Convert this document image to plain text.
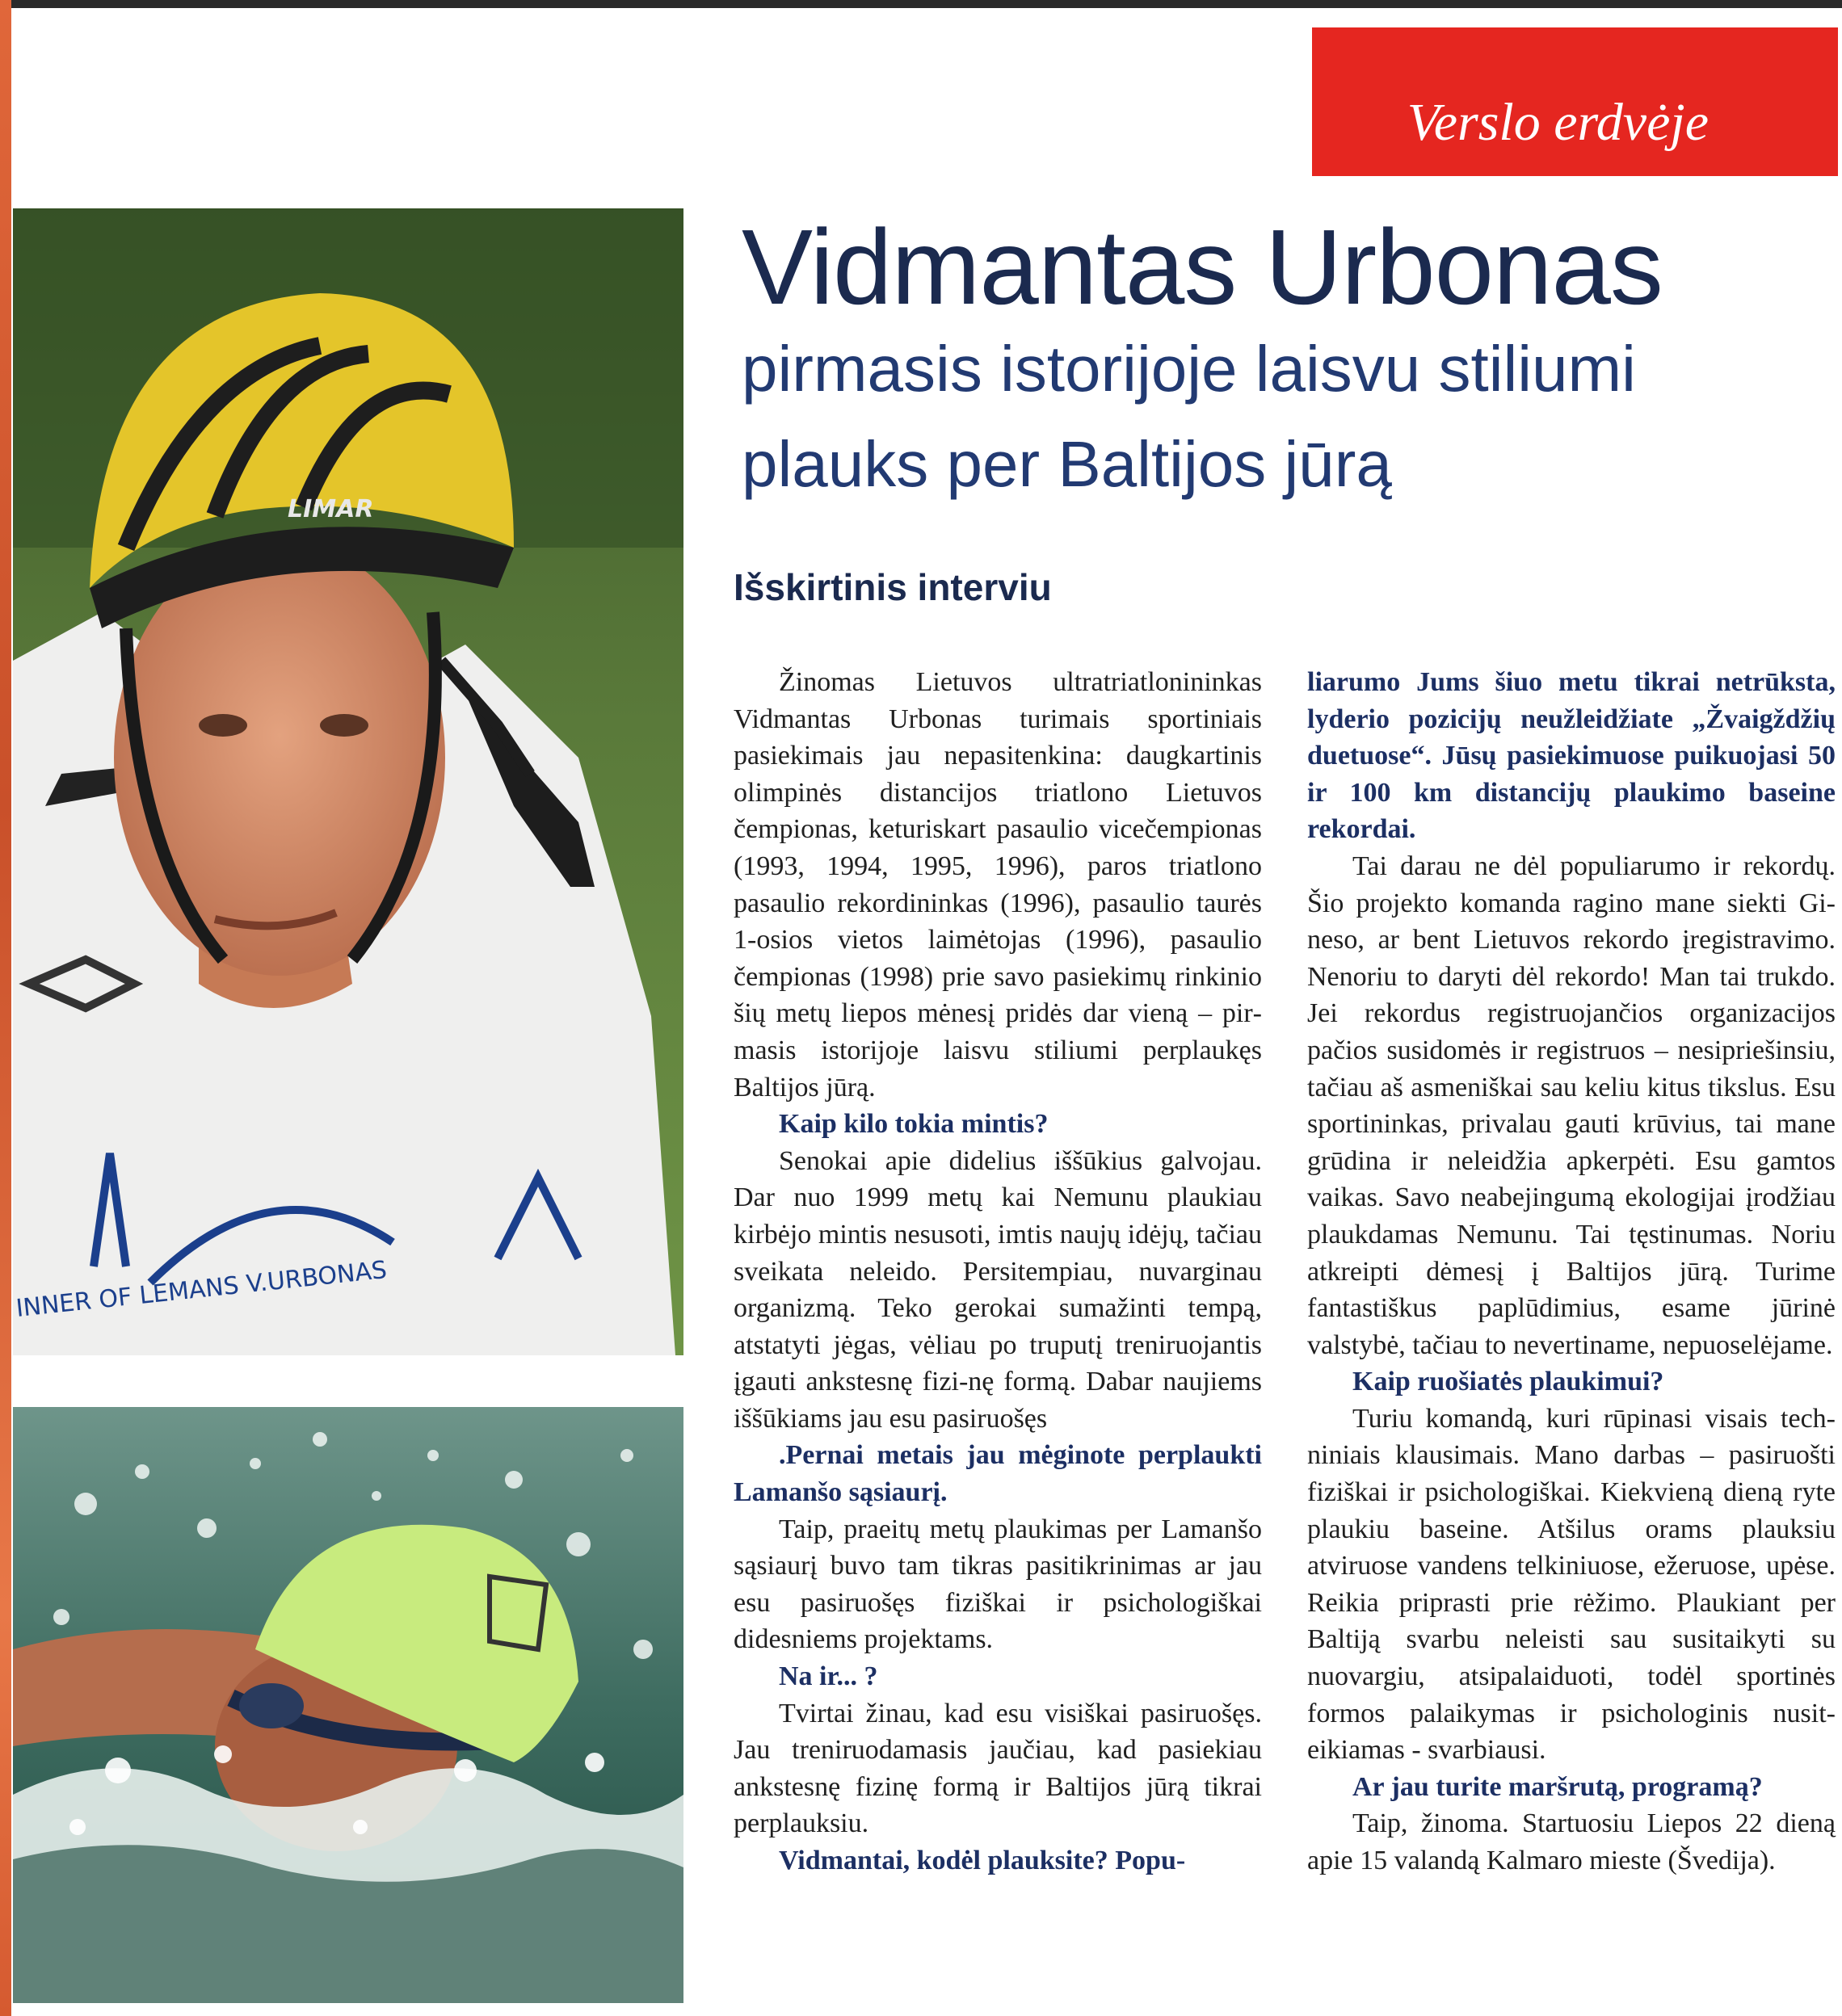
Verslo erdvėje
INNER OF LEMANS V.URBONAS
LIMAR
Vidmantas Urbonas
pirmasis istorijoje laisvu stiliumi
plauks per Baltijos jūrą
Išskirtinis interviu

Žinomas Lietuvos ultratriatlonininkas Vidmantas Urbonas turimais sportiniais pasiekimais jau nepasitenkina: daugkartinis olimpinės distancijos triatlono Lietuvos čempionas, keturiskart pasaulio vicečempionas (1993, 1994, 1995, 1996), paros triatlono pasaulio rekordininkas (1996), pasaulio taurės 1-osios vietos laimėtojas (1996), pasaulio čempionas (1998) prie savo pasiekimų rinkinio šių metų liepos mėnesį pridės dar vieną – pirmasis istorijoje laisvu stiliumi perplaukęs Baltijos jūrą.

Kaip kilo tokia mintis?

Senokai apie didelius iššūkius galvojau. Dar nuo 1999 metų kai Nemunu plaukiau kirbėjo mintis nesusoti, imtis naujų idėjų, tačiau sveikata neleido. Persitempiau, nuvarginau organizmą. Teko gerokai sumažinti tempą, atstatyti jėgas, vėliau po truputį treniruojantis įgauti ankstesnę fizi-nę formą. Dabar naujiems iššūkiams jau esu pasiruošęs

.Pernai metais jau mėginote perplaukti Lamanšo sąsiaurį.

Taip, praeitų metų plaukimas per Lamanšo sąsiaurį buvo tam tikras pasitikrinimas ar jau esu pasiruošęs fiziškai ir psichologiškai didesniems projektams.

Na ir... ?

Tvirtai žinau, kad esu visiškai pasiruošęs. Jau treniruodamasis jaučiau, kad pasiekiau ankstesnę fizinę formą ir Baltijos jūrą tikrai perplauksiu.

Vidmantai, kodėl plauksite? Popu-

liarumo Jums šiuo metu tikrai netrūksta, lyderio pozicijų neužleidžiate „Žvaigždžių duetuose“. Jūsų pasiekimuose puikuojasi 50 ir 100 km distancijų plaukimo baseine rekordai.

Tai darau ne dėl populiarumo ir rekordų. Šio projekto komanda ragino mane siekti Gineso, ar bent Lietuvos rekordo įregistravimo. Nenoriu to daryti dėl rekordo! Man tai trukdo. Jei rekordus registruojančios organizacijos pačios susidomės ir registruos – nesipriešinsiu, tačiau aš asmeniškai sau keliu kitus tikslus. Esu sportininkas, privalau gauti krūvius, tai mane grūdina ir neleidžia apkerpėti. Esu gamtos vaikas. Savo neabejingumą ekologijai įrodžiau plaukdamas Nemunu. Tai tęstinumas. Noriu atkreipti dėmesį į Baltijos jūrą. Turime fantastiškus paplūdimius, esame jūrinė valstybė, tačiau to nevertiname, nepuoselėjame.

Kaip ruošiatės plaukimui?

Turiu komandą, kuri rūpinasi visais techniniais klausimais. Mano darbas – pasiruošti fiziškai ir psichologiškai. Kiekvieną dieną ryte plaukiu baseine. Atšilus orams plauksiu atviruose vandens telkiniuose, ežeruose, upėse. Reikia priprasti prie rėžimo. Plaukiant per Baltiją svarbu neleisti sau susitaikyti su nuovargiu, atsipalaiduoti, todėl sportinės formos palaikymas ir psichologinis nusiteikiamas - svarbiausi.

Ar jau turite maršrutą, programą?

Taip, žinoma. Startuosiu Liepos 22 dieną apie 15 valandą Kalmaro mieste (Švedija).
